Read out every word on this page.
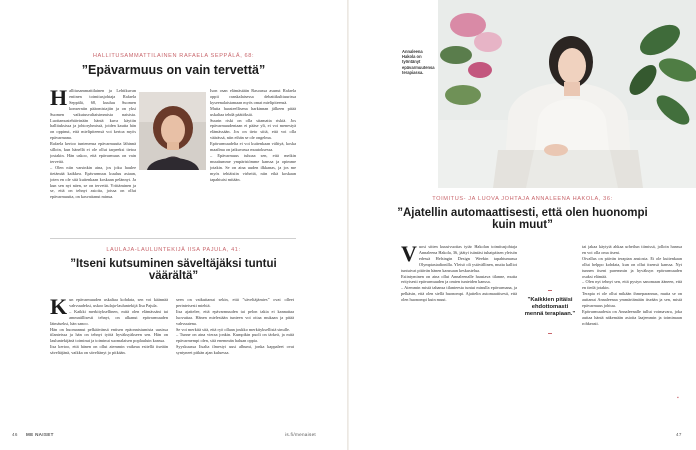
HALLITUSAMMATTILAINEN RAFAELA SEPPÄLÄ, 68:
”Epävarmuus on vain tervettä”
H allitusammattilainen ja Lehtikuvan entinen toimitusjohtaja Rafaela Seppälä, 68, kuuluu Suomen konserniin pääomistajiin ja on yksi Suomen vaikutusvaltaisimmista naisista. Luottamustehtävinään häntä kuva käytiin hallituksissa ja johtoryhmissä, joiden kautta hän on oppinut, että mielipiteensä voi kertoa myös epävarmana.

Rafaela kertoo tuntenensa epävarmuutta lähinnä silloin, kun hänellä ei ole ollut tarpeeksi tietoa jostakin. Hän uskoo, että epävarmuus on vain tervettä.

– Olen niin varsinkin aina, jos joku haulee tietämää kaikkea. Epävarmuus kuuluu asiaan, joten en ole sitä kuitenkaan koskaan pelännyt. Ja kun sen nyt näen, se on tervettä. Yrittäminen ja se, että on tehnyt asioita, joissa on ollut epävarmuutta, on kasvattanut minua.

Ison osan elämästään Rasoassa asunut Rafaela oppii ranskalaisessa debattikulttuurissa kyseenalaistamaan myös omat mielipiteensä.

Mutta haasteellisena harkinnan jälkeen pitää uskaltaa tehdä päätöksiä.

Suurin riski on olla sitamatta riskiä. Jos epävarmuudentaan ei pääse yli, ei voi menestyä elämässään. Jos on tieto siitä, että voi olla väärässä, niin eihän se ole ongelma.

Epävarmuudelta ei voi kuitenkaan välttyä, koska maailma on jatkuvassa muutoksessa.

– Epävarmuus tuhoaa sen, että meikin muuttumme ympäristömme kanssa ja opimme jotakin. Se on aina uuden ilkkanas, ja jos me myös tehtäisiin virheitä, niin eikä koskaan tapahtuisi mitään.

LAULAJA-LAULUNTEKIJÄ IISA PAJULA, 41:
”Itseni kutsuminen säveltäjäksi tuntui väärältä”
K un epävarmuuden uskaltaa kohdata, sen voi käännää vahvuudeksi, uskoo laulaja-lauluntekijä Iisa Pajula.

– Kaikki merkityksellinen, mitä olen elämässäni tai ammatillisesti tehnyt, on alkanut epävarmuuden läimäseksi, hän sanoo.

Hän on huomannut pelkäävänsä entisen epäonnistumista uusissa tilanteissa ja hän on tehnyt työtä hyväksyäkseen sen. Hän on lauluntekijänä toiminut ja toiminut suomalaisen poplauluin kanssa.

Iisa kertoo, että hänen on ollut aiemmin vaikeaa esitellä itseään säveltäjänä, vaikka on säveltänyt jo pitkään.

seen on vaikuttanut sekin, että ”säveltäjämies” ovat olleet perinteisesti miehiä.

Iisa ajattelee, että epävarmuuden tai pelon takia ei kannattaa luovuttaa. Hänen mielestään tunteen voi ottaa mukaan ja pitää vahvuutena.

Se voi merkitä sitä, että ryö ollaan joukko merkityksellistä sinulle.

– Tunne on aina vieraa jonkin. Kumpikin puoli on tärkeä, ja mitä epävarmempi olen, sitä enemmän haluan oppia.

Syyskuussa Iisalta ilmestyi uusi albumi, jonka kappaleet ovat syntyneet pitkän ajan kuluessa.

46 ME NAISET	is.fi/menaiset
Annaleena Hakola on työntänyt epävarmuutensa terapiassa.
TOIMITUS- JA LUOVA JOHTAJA ANNALEENA HAKOLA, 36:
”Ajatellin automaattisesti, että olen huonompi kuin muut”
V uosi sitten kuusivuotias tytär Hakolan toimitusjohtaja Annaleena Hakola, 36, jäätyi isäntäsi tuhatpäisen yleisön edessä Helsingin Design Weekin tapahtumassa Olympiastadionilla. Yleisö oli ystävällinen, mutta kalliot tuntuivat pitävän hänen kanssaan keskustelua.

Esiintyminen on aina ollut Annaleenalle haastava tilanne, mutta erityisesti epävarmuuden ja omien tunteiden kanssa.

– Aiemmin mistä tahansa tilanteesta tuntui minulla epävarmana, ja pelkäsin, että olen siellä huonompi. Ajattelin automaattisesti, että olen huonompi kuin muut.	”Kaikkien pitäisi ehdottomasti mennä terapiaan.”

tai jakaa käytyiä ahkaa urheilun tiimissä, jolloin hanssa en voi olla oma itseni.

Oivallus on päivän terapian ansiosta. Ei ole kuitenkaan ollut helppo kohdata, kun on ollut itsensä kanssa. Nyt tunnen itseni paremmin ja hyväksyn epävarmuuden osaksi elämää.

– Olen nyt tehnyt sen, että pystyn sanomaan ääneen, että en tiedä jotakin.

Terapia ei ole ollut mikään ihmeparannus, mutta se on auttanut Annaleenaa ymmärtämään itseään ja sen, mistä epävarmuus johtuu.

Epävarmuudesta on Annaleenalle tullut voimavara, joka auttaa häntä näkemään asioita laajemmin ja toimimaan rohkeasti.

▪
47
